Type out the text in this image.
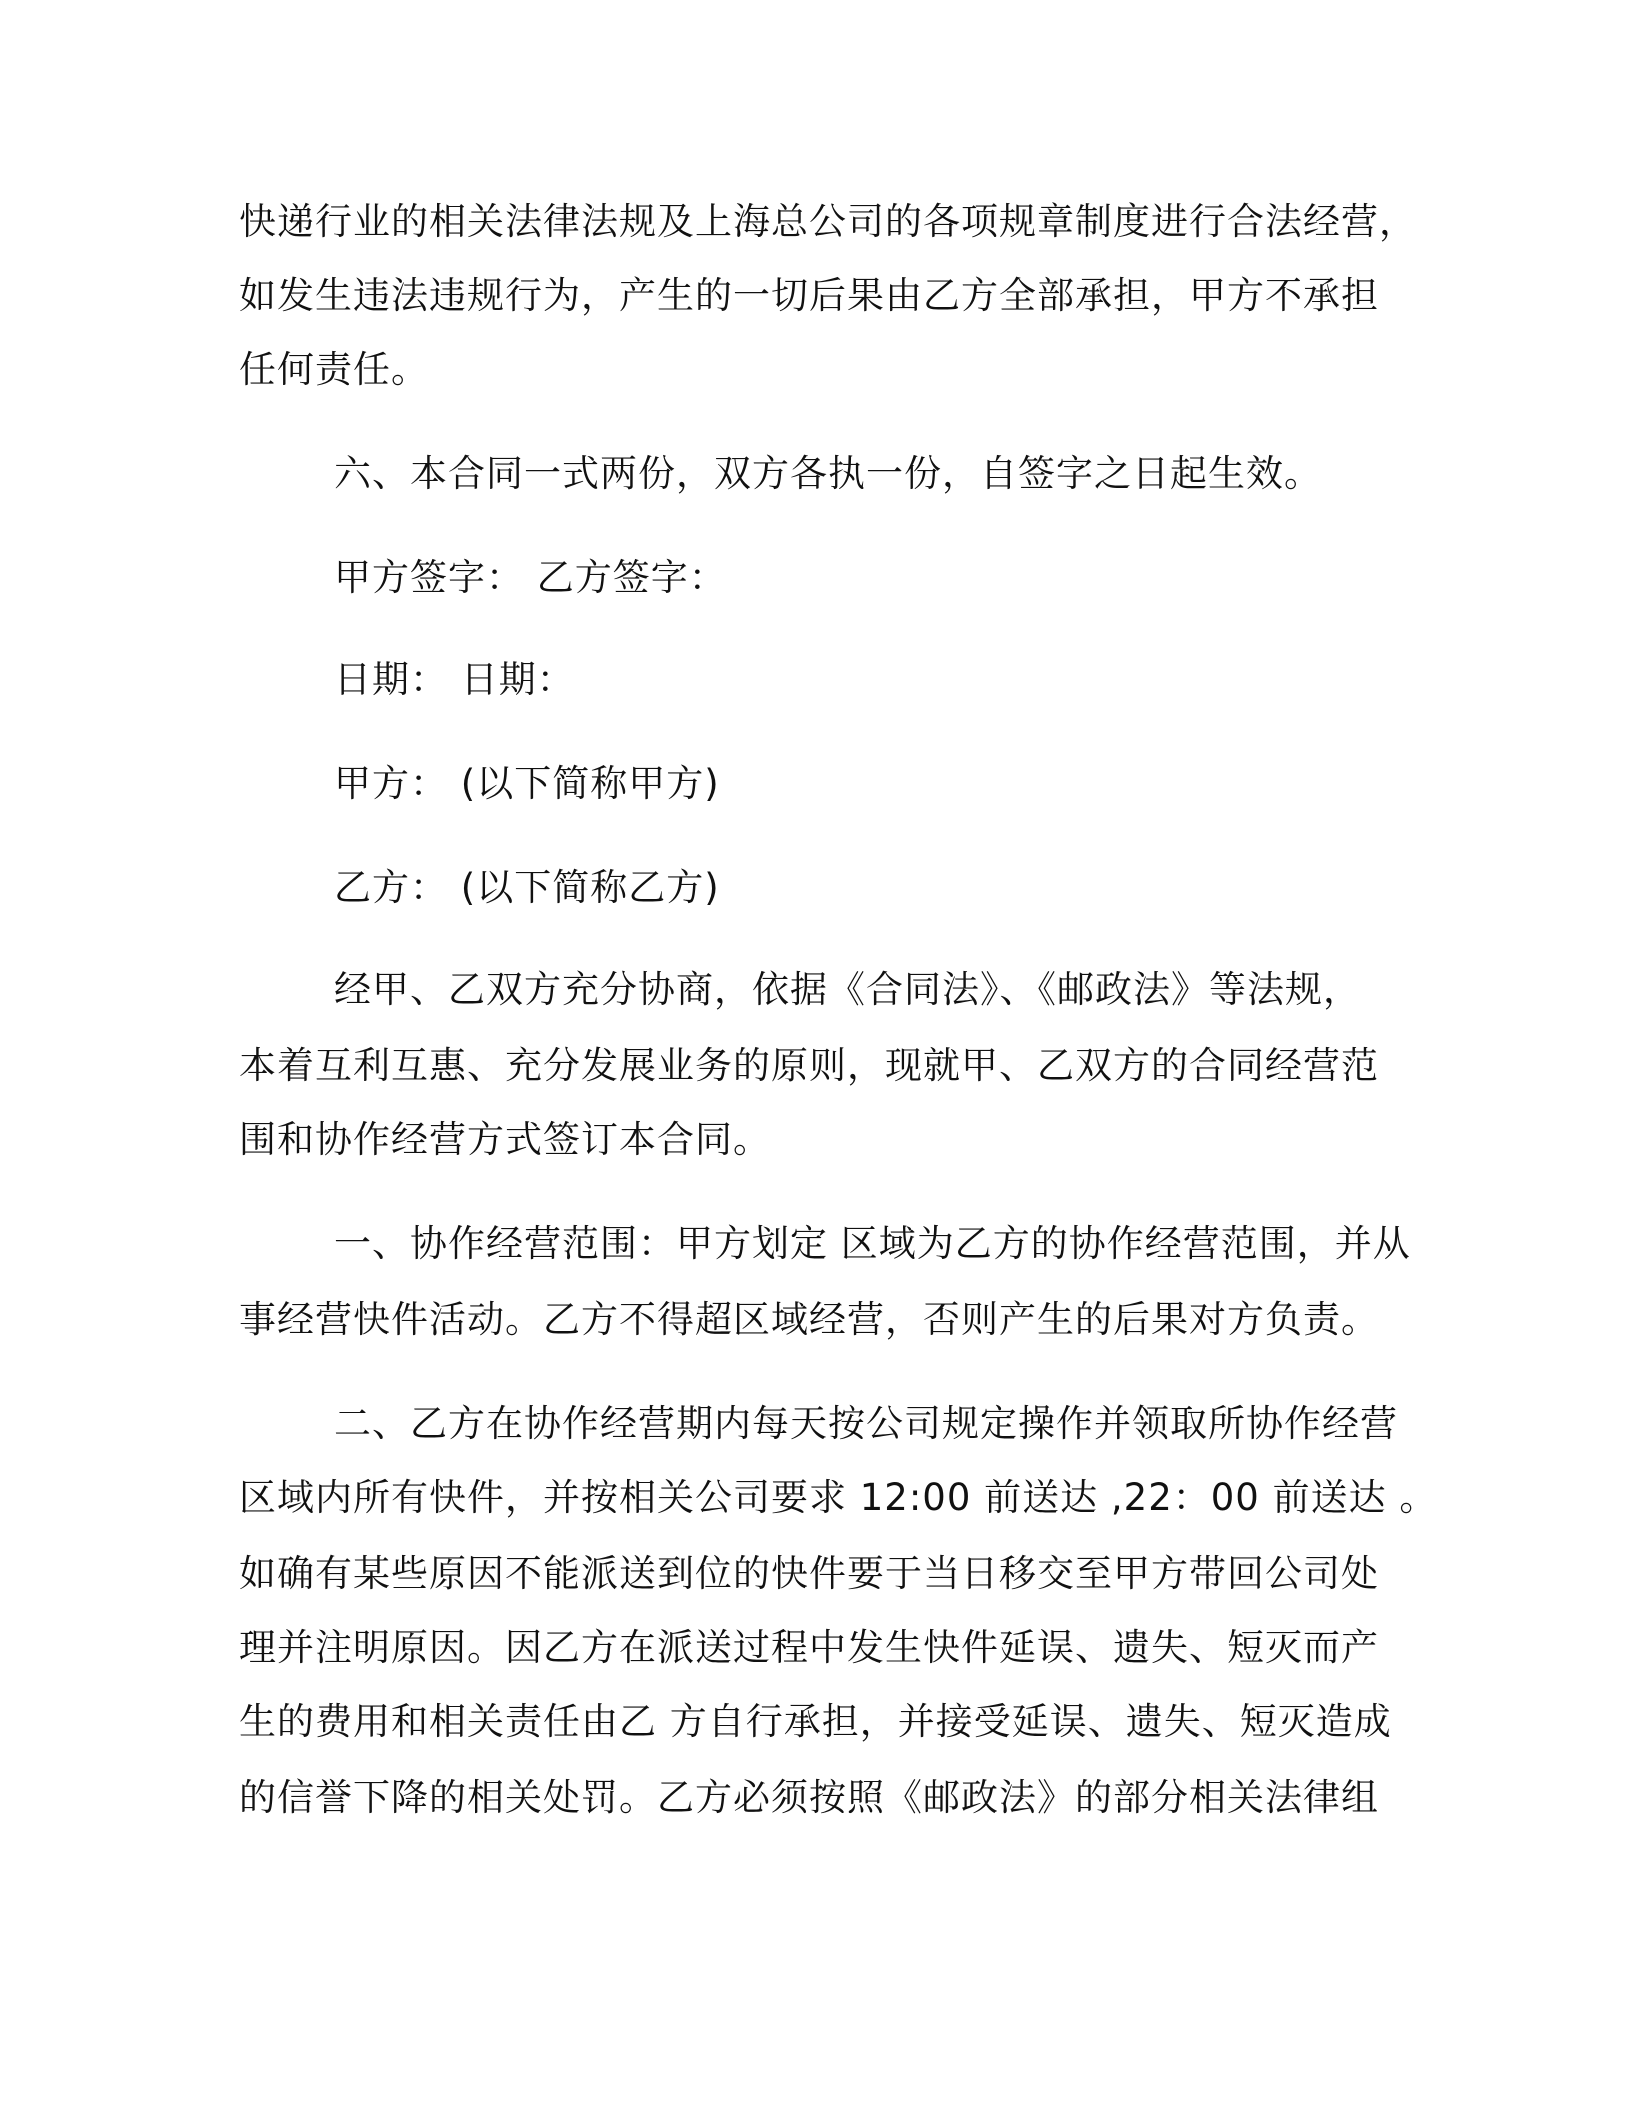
快递行业的相关法律法规及上海总公司的各项规章制度进行合法经营，
如发生违法违规行为，产生的一切后果由乙方全部承担，甲方不承担
任何责任。
六、本合同一式两份，双方各执一份，自签字之日起生效。
甲方签字： 乙方签字：
日期： 日期：
甲方： (以下简称甲方)
乙方： (以下简称乙方)
经甲、乙双方充分协商，依据《合同法》、《邮政法》等法规，
本着互利互惠、充分发展业务的原则，现就甲、乙双方的合同经营范
围和协作经营方式签订本合同。
一、协作经营范围：甲方划定 区域为乙方的协作经营范围，并从
事经营快件活动。乙方不得超区域经营，否则产生的后果对方负责。
二、乙方在协作经营期内每天按公司规定操作并领取所协作经营
区域内所有快件，并按相关公司要求 12:00 前送达 ,22：00 前送达 。
如确有某些原因不能派送到位的快件要于当日移交至甲方带回公司处
理并注明原因。因乙方在派送过程中发生快件延误、遗失、短灭而产
生的费用和相关责任由乙 方自行承担，并接受延误、遗失、短灭造成
的信誉下降的相关处罚。乙方必须按照《邮政法》的部分相关法律组
